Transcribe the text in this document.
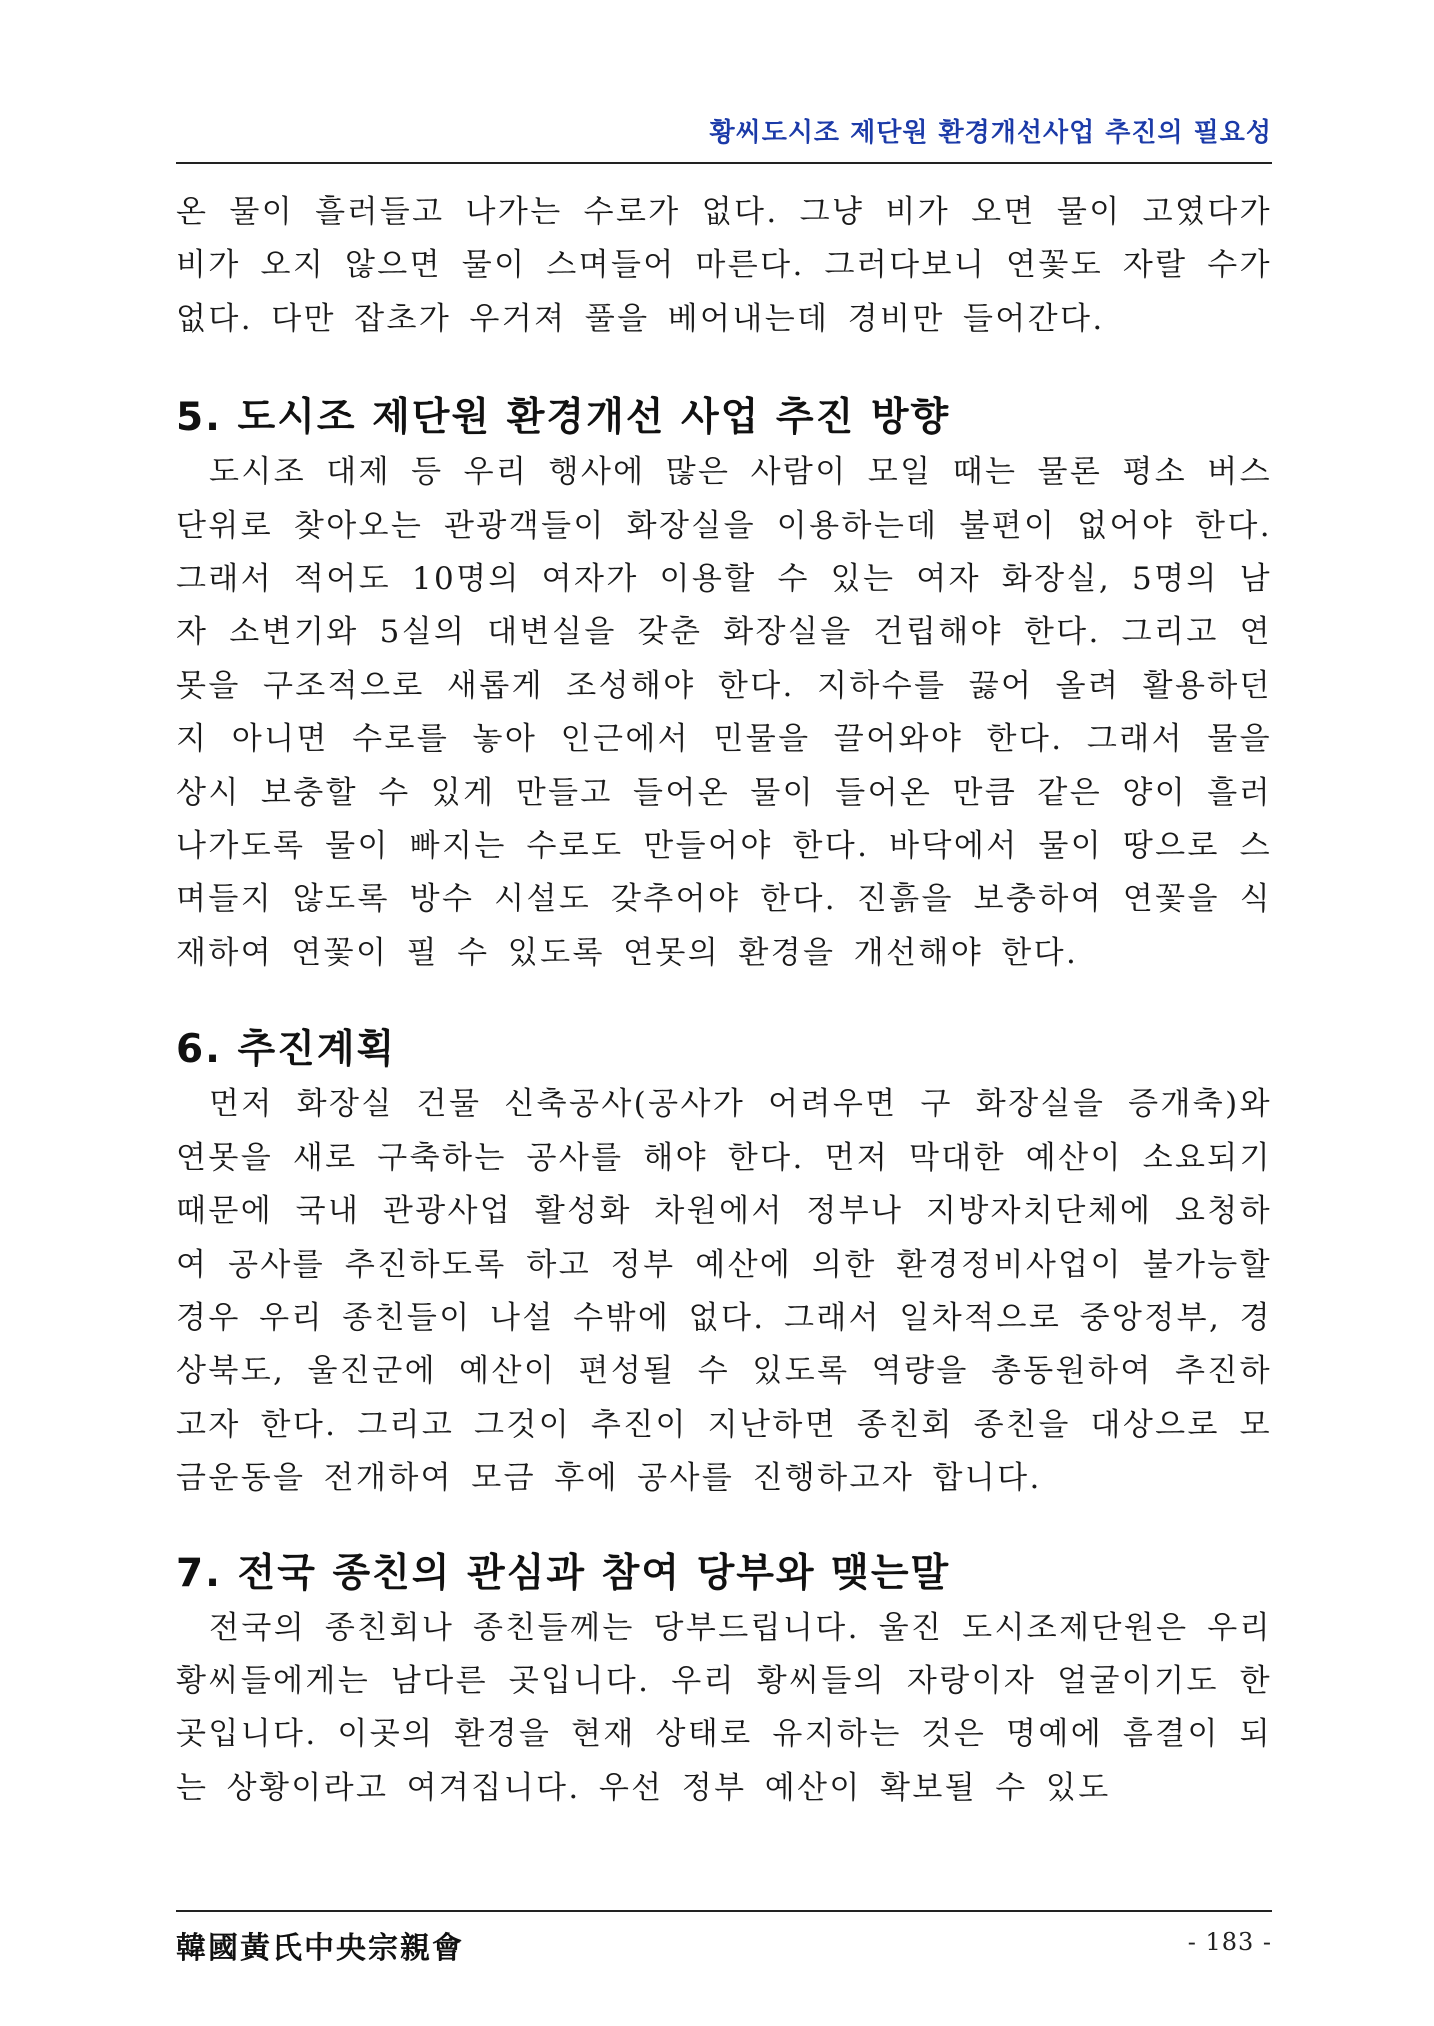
황씨도시조 제단원 환경개선사업 추진의 필요성

온 물이 흘러들고 나가는 수로가 없다. 그냥 비가 오면 물이 고였다가 비가 오지 않으면 물이 스며들어 마른다. 그러다보니 연꽃도 자랄 수가 없다. 다만 잡초가 우거져 풀을 베어내는데 경비만 들어간다.

5. 도시조 제단원 환경개선 사업 추진 방향

도시조 대제 등 우리 행사에 많은 사람이 모일 때는 물론 평소 버스 단위로 찾아오는 관광객들이 화장실을 이용하는데 불편이 없어야 한다. 그래서 적어도 10명의 여자가 이용할 수 있는 여자 화장실, 5명의 남자 소변기와 5실의 대변실을 갖춘 화장실을 건립해야 한다. 그리고 연못을 구조적으로 새롭게 조성해야 한다. 지하수를 끓어 올려 활용하던지 아니면 수로를 놓아 인근에서 민물을 끌어와야 한다. 그래서 물을 상시 보충할 수 있게 만들고 들어온 물이 들어온 만큼 같은 양이 흘러나가도록 물이 빠지는 수로도 만들어야 한다. 바닥에서 물이 땅으로 스며들지 않도록 방수 시설도 갖추어야 한다. 진흙을 보충하여 연꽃을 식재하여 연꽃이 필 수 있도록 연못의 환경을 개선해야 한다.

6. 추진계획

먼저 화장실 건물 신축공사(공사가 어려우면 구 화장실을 증개축)와 연못을 새로 구축하는 공사를 해야 한다. 먼저 막대한 예산이 소요되기 때문에 국내 관광사업 활성화 차원에서 정부나 지방자치단체에 요청하여 공사를 추진하도록 하고 정부 예산에 의한 환경정비사업이 불가능할 경우 우리 종친들이 나설 수밖에 없다. 그래서 일차적으로 중앙정부, 경상북도, 울진군에 예산이 편성될 수 있도록 역량을 총동원하여 추진하고자 한다. 그리고 그것이 추진이 지난하면 종친회 종친을 대상으로 모금운동을 전개하여 모금 후에 공사를 진행하고자 합니다.

7. 전국 종친의 관심과 참여 당부와 맺는말

전국의 종친회나 종친들께는 당부드립니다. 울진 도시조제단원은 우리 황씨들에게는 남다른 곳입니다. 우리 황씨들의 자랑이자 얼굴이기도 한 곳입니다. 이곳의 환경을 현재 상태로 유지하는 것은 명예에 흠결이 되는 상황이라고 여겨집니다. 우선 정부 예산이 확보될 수 있도

韓國黃氏中央宗親會	- 183 -
